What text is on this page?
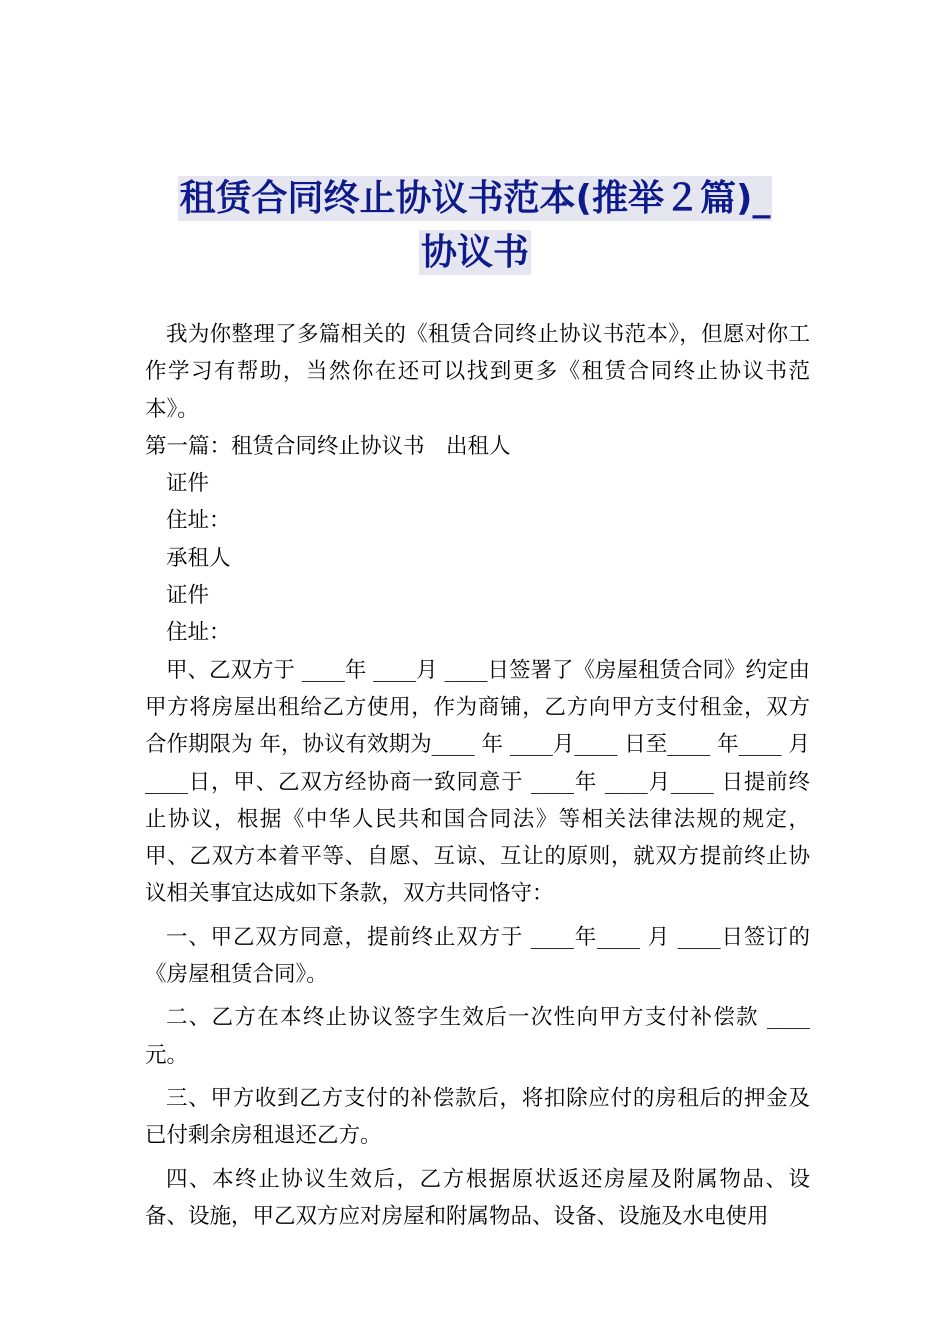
租赁合同终止协议书范本(推举２篇)_
协议书

我为你整理了多篇相关的《租赁合同终止协议书范本》，但愿对你工作学习有帮助，当然你在还可以找到更多《租赁合同终止协议书范本》。

第一篇：租赁合同终止协议书　出租人

证件

住址：

承租人

证件

住址：

甲、乙双方于 ____年 ____月 ____日签署了《房屋租赁合同》约定由甲方将房屋出租给乙方使用，作为商铺，乙方向甲方支付租金，双方合作期限为 年，协议有效期为____ 年 ____月____ 日至____ 年____ 月 ____日，甲、乙双方经协商一致同意于 ____年 ____月____ 日提前终止协议，根据《中华人民共和国合同法》等相关法律法规的规定，甲、乙双方本着平等、自愿、互谅、互让的原则，就双方提前终止协议相关事宜达成如下条款，双方共同恪守：

一、甲乙双方同意，提前终止双方于 ____年____ 月 ____日签订的《房屋租赁合同》。

二、乙方在本终止协议签字生效后一次性向甲方支付补偿款 ____元。

三、甲方收到乙方支付的补偿款后，将扣除应付的房租后的押金及已付剩余房租退还乙方。

四、本终止协议生效后，乙方根据原状返还房屋及附属物品、设备、设施，甲乙双方应对房屋和附属物品、设备、设施及水电使用
